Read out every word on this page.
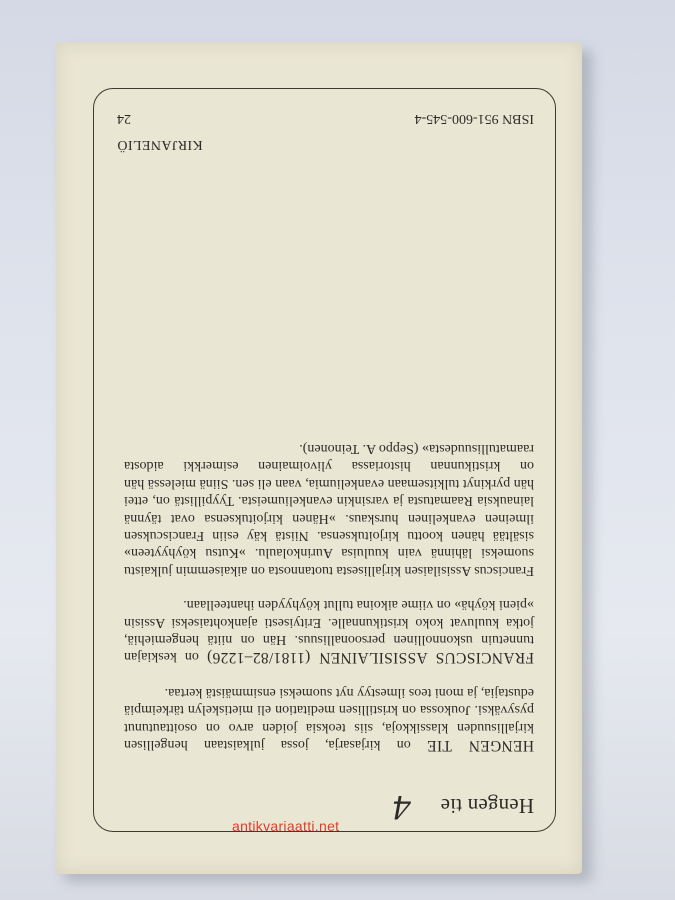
Hengen tie
4

HENGEN TIE on kirjasarja, jossa julkaistaan hengellisen kirjallisuuden klassikkoja, siis teoksia joiden arvo on osoittautunut pysyväksi. Joukossa on kristillisen meditation eli mietiskelyn tärkeimpiä edustajia, ja moni teos ilmestyy nyt suomeksi ensimmäistä kertaa.

FRANCISCUS ASSISILAINEN (1181/82–1226) on keskiajan tunnetuin uskonnollinen persoonallisuus. Hän on niitä hengemiehiä, jotka kuuluvat koko kristikunnalle. Erityisesti ajankohtaiseksi Assisin »pieni köyhä» on viime aikoina tullut köyhyyden ihanteellaan.

Franciscus Assisilaisen kirjallisesta tuotannosta on aikaisemmin julkaistu suomeksi lähinnä vain kuuluisa Aurinkolaulu. »Kutsu köyhyyteen» sisältää hänen koottu kirjoituksensa. Niistä käy esiin Franciscuksen ilmeinen evankelinen hurskaus. »Hänen kirjoituksensa ovat täynnä lainauksia Raamatusta ja varsinkin evankeliumeista. Tyypillistä on, ettei hän pyrkinyt tulkitsemaan evankeliumia, vaan eli sen. Siinä mielessä hän on kristikunnan historiassa ylivoimainen esimerkki aidosta raamatullisuudesta» (Seppo A. Teinonen).

KIRJANELIÖ
ISBN 951-600-545-4
24
antikvariaatti.net
